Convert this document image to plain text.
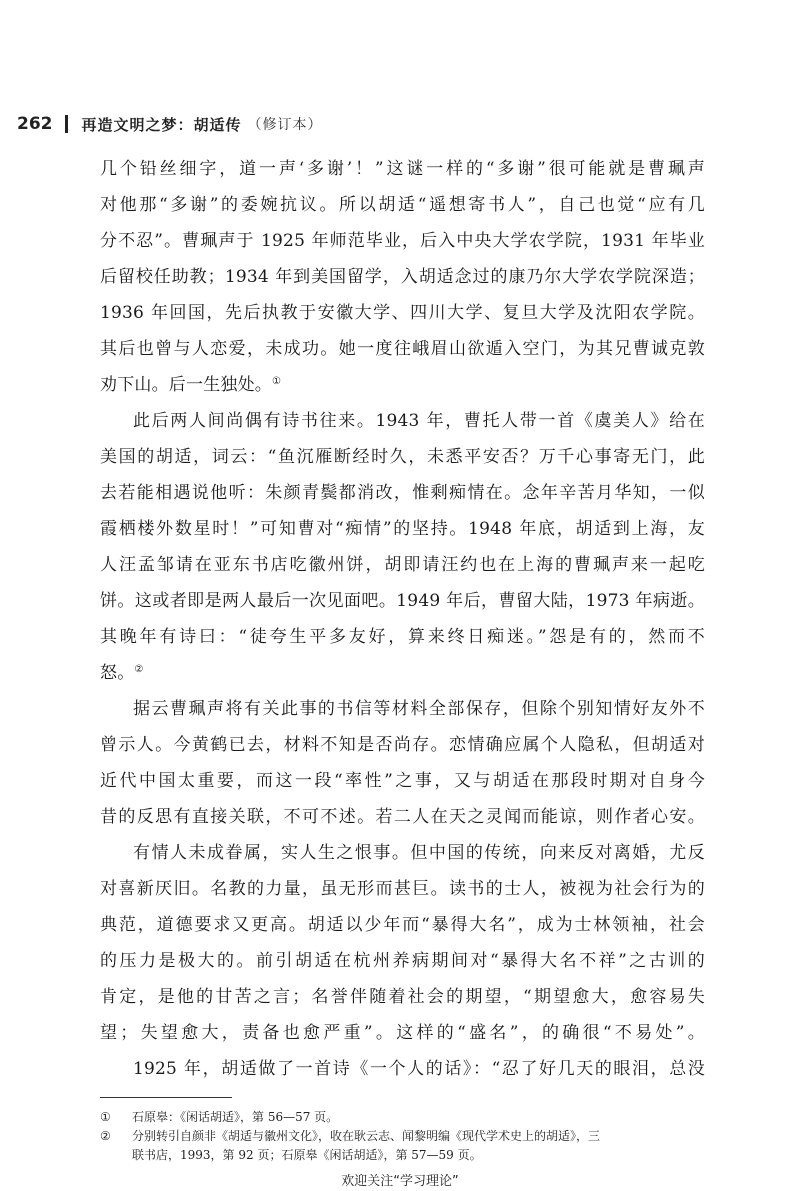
262 再造文明之梦：胡适传 （修订本）
几个铅丝细字，道一声‘多谢’！”这谜一样的“多谢”很可能就是曹珮声
对他那“多谢”的委婉抗议。所以胡适“遥想寄书人”，自己也觉“应有几
分不忍”。曹珮声于 1925 年师范毕业，后入中央大学农学院，1931 年毕业
后留校任助教；1934 年到美国留学，入胡适念过的康乃尔大学农学院深造；
1936 年回国，先后执教于安徽大学、四川大学、复旦大学及沈阳农学院。
其后也曾与人恋爱，未成功。她一度往峨眉山欲遁入空门，为其兄曹诚克敦
劝下山。后一生独处。①
此后两人间尚偶有诗书往来。1943 年，曹托人带一首《虞美人》给在
美国的胡适，词云：“鱼沉雁断经时久，未悉平安否？万千心事寄无门，此
去若能相遇说他听：朱颜青鬓都消改，惟剩痴情在。念年辛苦月华知，一似
霞栖楼外数星时！”可知曹对“痴情”的坚持。1948 年底，胡适到上海，友
人汪孟邹请在亚东书店吃徽州饼，胡即请汪约也在上海的曹珮声来一起吃
饼。这或者即是两人最后一次见面吧。1949 年后，曹留大陆，1973 年病逝。
其晚年有诗曰：“徒夸生平多友好，算来终日痴迷。”怨是有的，然而不
怒。②
据云曹珮声将有关此事的书信等材料全部保存，但除个别知情好友外不
曾示人。今黄鹤已去，材料不知是否尚存。恋情确应属个人隐私，但胡适对
近代中国太重要，而这一段“率性”之事，又与胡适在那段时期对自身今
昔的反思有直接关联，不可不述。若二人在天之灵闻而能谅，则作者心安。
有情人未成眷属，实人生之恨事。但中国的传统，向来反对离婚，尤反
对喜新厌旧。名教的力量，虽无形而甚巨。读书的士人，被视为社会行为的
典范，道德要求又更高。胡适以少年而“暴得大名”，成为士林领袖，社会
的压力是极大的。前引胡适在杭州养病期间对“暴得大名不祥”之古训的
肯定，是他的甘苦之言；名誉伴随着社会的期望，“期望愈大，愈容易失
望；失望愈大，责备也愈严重”。这样的“盛名”，的确很“不易处”。
1925 年，胡适做了一首诗《一个人的话》：“忍了好几天的眼泪，总没
① 石原皋：《闲话胡适》，第 56—57 页。
② 分别转引自颜非《胡适与徽州文化》，收在耿云志、闻黎明编《现代学术史上的胡适》，三
联书店，1993，第 92 页；石原皋《闲话胡适》，第 57—59 页。
欢迎关注“学习理论”
